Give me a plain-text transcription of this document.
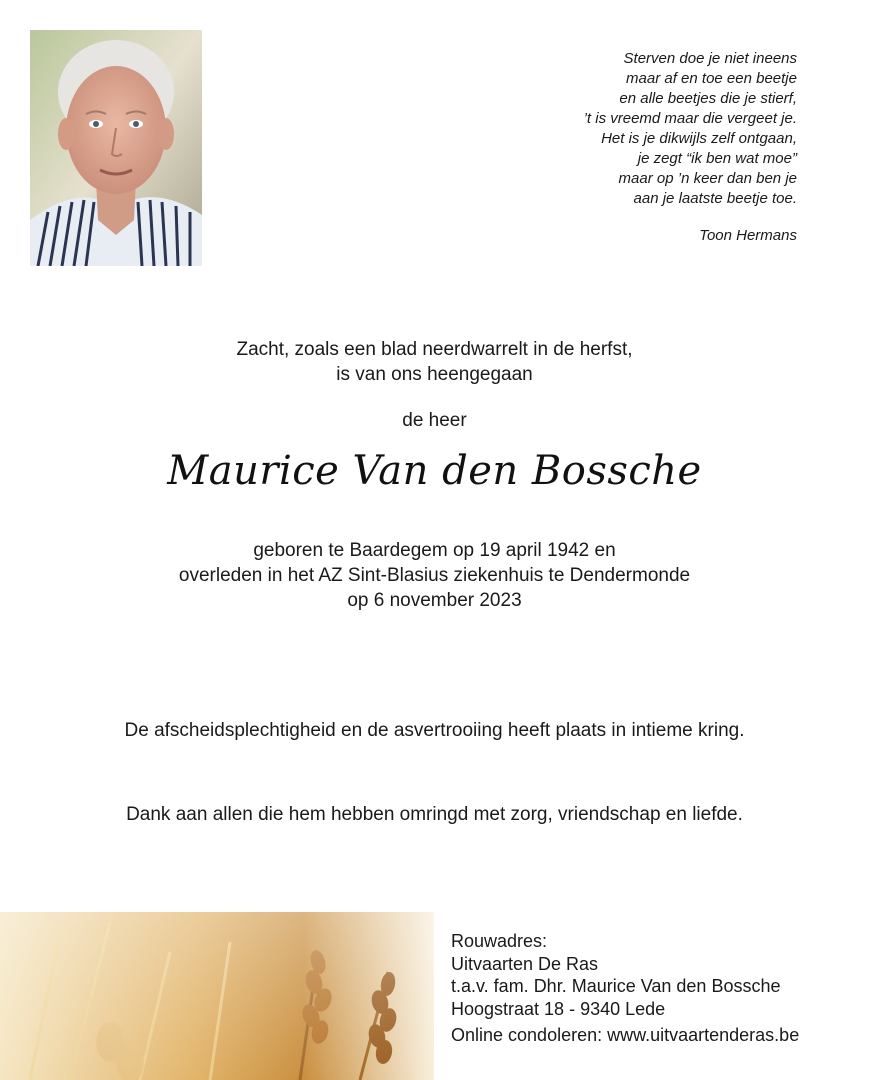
Sterven doe je niet ineens
maar af en toe een beetje
en alle beetjes die je stierf,
’t is vreemd maar die vergeet je.
Het is je dikwijls zelf ontgaan,
je zegt “ik ben wat moe”
maar op ’n keer dan ben je
aan je laatste beetje toe.
Toon Hermans
Zacht, zoals een blad neerdwarrelt in de herfst,
is van ons heengegaan
de heer
Maurice Van den Bossche
geboren te Baardegem op 19 april 1942 en
overleden in het AZ Sint-Blasius ziekenhuis te Dendermonde
op 6 november 2023
De afscheidsplechtigheid en de asvertrooiing heeft plaats in intieme kring.
Dank aan allen die hem hebben omringd met zorg, vriendschap en liefde.
Rouwadres:
Uitvaarten De Ras
t.a.v. fam. Dhr. Maurice Van den Bossche
Hoogstraat 18 - 9340 Lede
Online condoleren: www.uitvaartenderas.be
